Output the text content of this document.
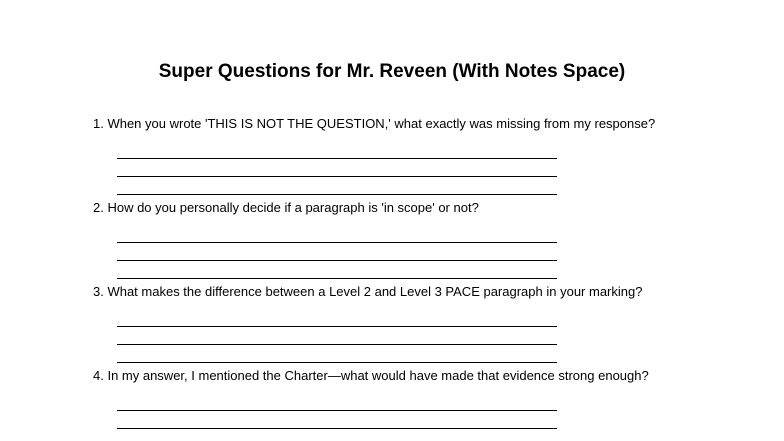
Super Questions for Mr. Reveen (With Notes Space)

1. When you wrote 'THIS IS NOT THE QUESTION,' what exactly was missing from my response?

2. How do you personally decide if a paragraph is 'in scope' or not?

3. What makes the difference between a Level 2 and Level 3 PACE paragraph in your marking?

4. In my answer, I mentioned the Charter—what would have made that evidence strong enough?
